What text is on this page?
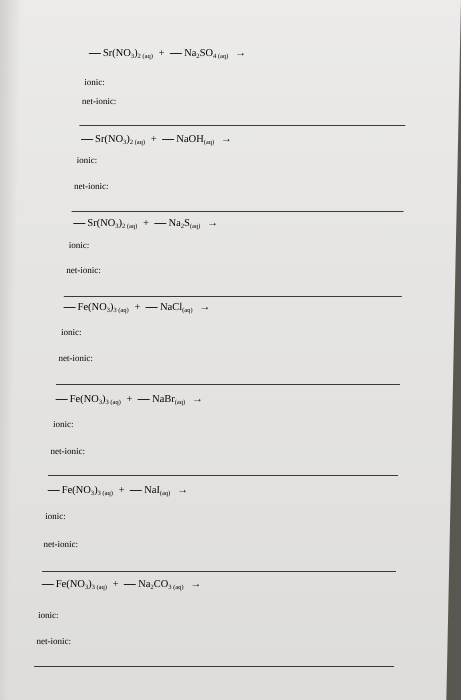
$Sr(NO_3)_{2 (aq)} + Na_2SO_{4 (aq)}$ →
ionic:
net-ionic:
$Sr(NO_3)_{2 (aq)}$ + NaOH$_{(aq)}$ →
ionic:
net-ionic:
$Sr(NO_3)_{2 (aq)} + Na_2S_{(aq)}$ →
ionic:
net-ionic:
$Fe(NO_3)_{3 (aq)}$ + NaCl$_{(aq)}$ →
ionic:
net-ionic:
$Fe(NO_3)_{3 (aq)}$ + NaBr$_{(aq)}$ →
ionic:
net-ionic:
$Fe(NO_3)_{3 (aq)} + NaI_{(aq)}$ →
ionic:
net-ionic:
$Fe(NO_3)_{3 (aq)} + Na_2CO_{3 (aq)}$ →
ionic:
net-ionic:
